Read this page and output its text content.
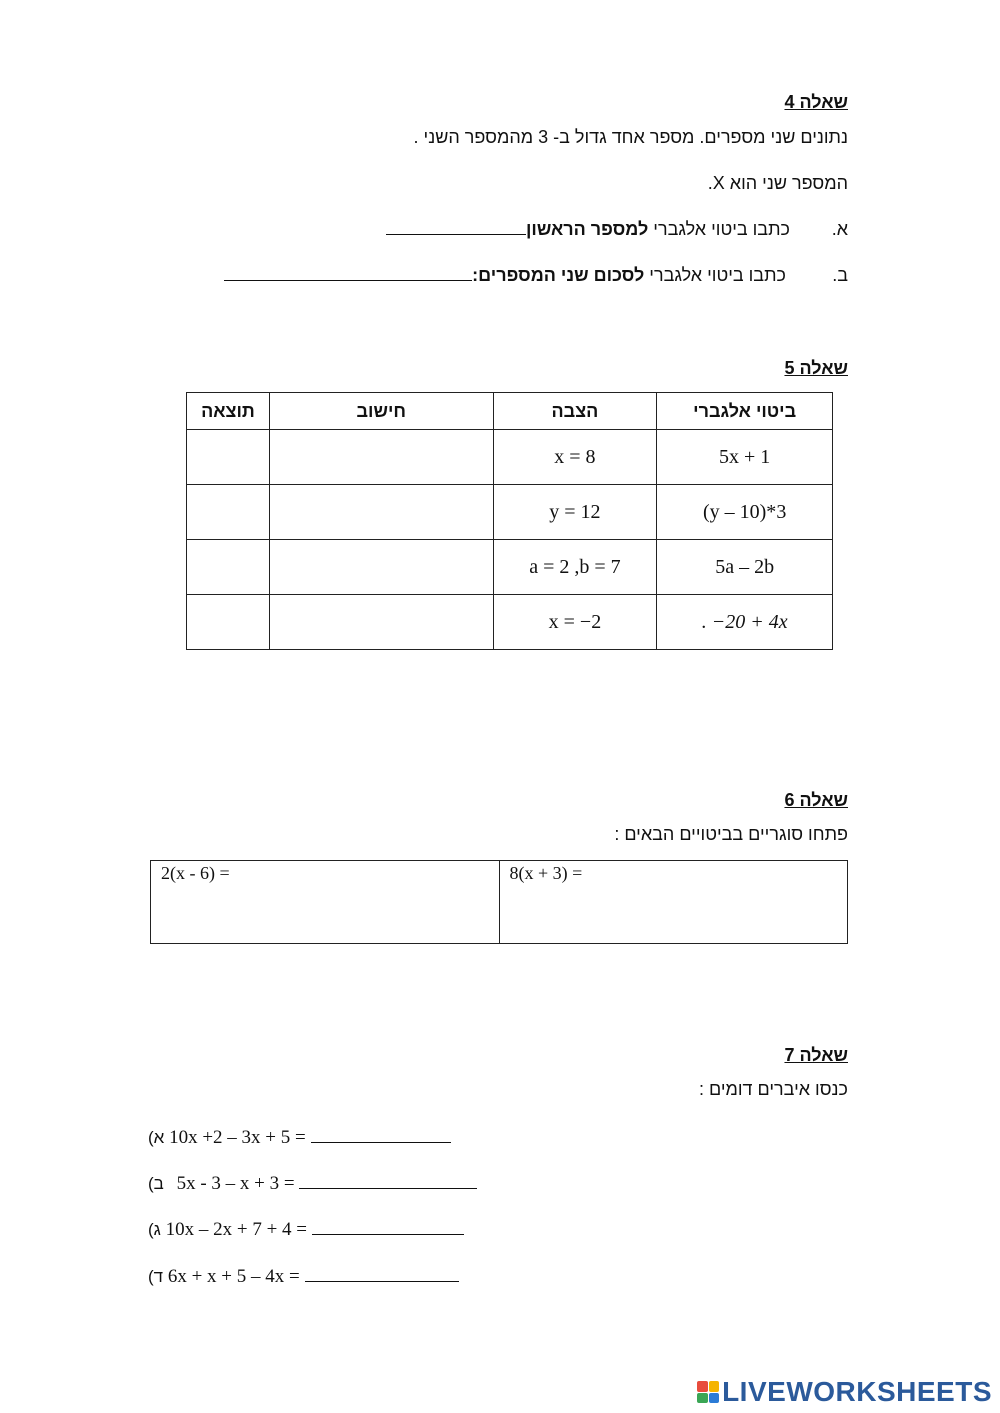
שאלה 4
נתונים שני מספרים. מספר אחד גדול ב- 3 מהמספר השני .
המספר שני הוא X.
א.  כתבו ביטוי אלגברי למספר הראשון
ב.  כתבו ביטוי אלגברי לסכום שני המספרים:
שאלה 5
ביטוי אלגברי	הצבה	חישוב	תוצאה
5x + 1	x = 8		
3*(y – 10)	y = 12		
5a – 2b	a = 2 ,b = 7		
. −20 + 4x	x = −2		
שאלה 6
פתחו סוגריים בביטויים הבאים :
8(x + 3) =	2(x - 6) =
שאלה 7
כנסו איברים דומים :
א) 10x +2 – 3x + 5 =
ב) 5x - 3 – x + 3 =
ג) 10x – 2x + 7 + 4 =
ד) 6x + x + 5 – 4x =
LIVEWORKSHEETS
